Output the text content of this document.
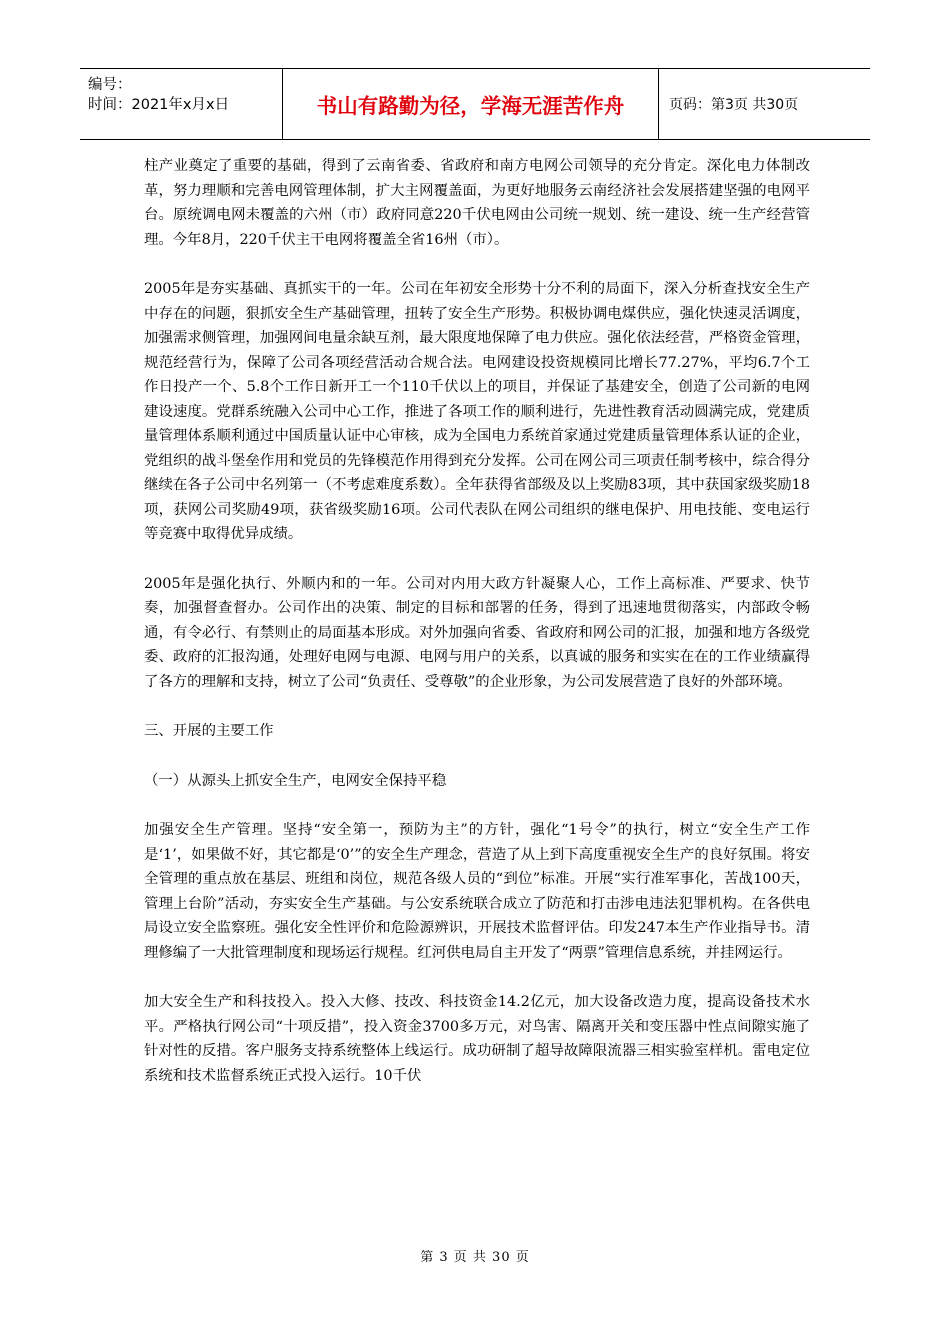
编号：
时间：2021年x月x日	书山有路勤为径，学海无涯苦作舟	页码：第3页 共30页

柱产业奠定了重要的基础，得到了云南省委、省政府和南方电网公司领导的充分肯定。深化电力体制改革，努力理顺和完善电网管理体制，扩大主网覆盖面，为更好地服务云南经济社会发展搭建坚强的电网平台。原统调电网未覆盖的六州（市）政府同意220千伏电网由公司统一规划、统一建设、统一生产经营管理。今年8月，220千伏主干电网将覆盖全省16州（市）。

2005年是夯实基础、真抓实干的一年。公司在年初安全形势十分不利的局面下，深入分析查找安全生产中存在的问题，狠抓安全生产基础管理，扭转了安全生产形势。积极协调电煤供应，强化快速灵活调度，加强需求侧管理，加强网间电量余缺互剂，最大限度地保障了电力供应。强化依法经营，严格资金管理，规范经营行为，保障了公司各项经营活动合规合法。电网建设投资规模同比增长77.27%，平均6.7个工作日投产一个、5.8个工作日新开工一个110千伏以上的项目，并保证了基建安全，创造了公司新的电网建设速度。党群系统融入公司中心工作，推进了各项工作的顺利进行，先进性教育活动圆满完成，党建质量管理体系顺利通过中国质量认证中心审核，成为全国电力系统首家通过党建质量管理体系认证的企业，党组织的战斗堡垒作用和党员的先锋模范作用得到充分发挥。公司在网公司三项责任制考核中，综合得分继续在各子公司中名列第一（不考虑难度系数）。全年获得省部级及以上奖励83项，其中获国家级奖励18项，获网公司奖励49项，获省级奖励16项。公司代表队在网公司组织的继电保护、用电技能、变电运行等竞赛中取得优异成绩。

2005年是强化执行、外顺内和的一年。公司对内用大政方针凝聚人心，工作上高标准、严要求、快节奏，加强督查督办。公司作出的决策、制定的目标和部署的任务，得到了迅速地贯彻落实，内部政令畅通，有令必行、有禁则止的局面基本形成。对外加强向省委、省政府和网公司的汇报，加强和地方各级党委、政府的汇报沟通，处理好电网与电源、电网与用户的关系，以真诚的服务和实实在在的工作业绩赢得了各方的理解和支持，树立了公司“负责任、受尊敬”的企业形象，为公司发展营造了良好的外部环境。

三、开展的主要工作

（一）从源头上抓安全生产，电网安全保持平稳

加强安全生产管理。坚持“安全第一，预防为主”的方针，强化“1号令”的执行，树立“安全生产工作是‘1’，如果做不好，其它都是‘0’”的安全生产理念，营造了从上到下高度重视安全生产的良好氛围。将安全管理的重点放在基层、班组和岗位，规范各级人员的“到位”标准。开展“实行准军事化，苦战100天，管理上台阶”活动，夯实安全生产基础。与公安系统联合成立了防范和打击涉电违法犯罪机构。在各供电局设立安全监察班。强化安全性评价和危险源辨识，开展技术监督评估。印发247本生产作业指导书。清理修编了一大批管理制度和现场运行规程。红河供电局自主开发了“两票”管理信息系统，并挂网运行。

加大安全生产和科技投入。投入大修、技改、科技资金14.2亿元，加大设备改造力度，提高设备技术水平。严格执行网公司“十项反措”，投入资金3700多万元，对鸟害、隔离开关和变压器中性点间隙实施了针对性的反措。客户服务支持系统整体上线运行。成功研制了超导故障限流器三相实验室样机。雷电定位系统和技术监督系统正式投入运行。10千伏

第 3 页 共 30 页
